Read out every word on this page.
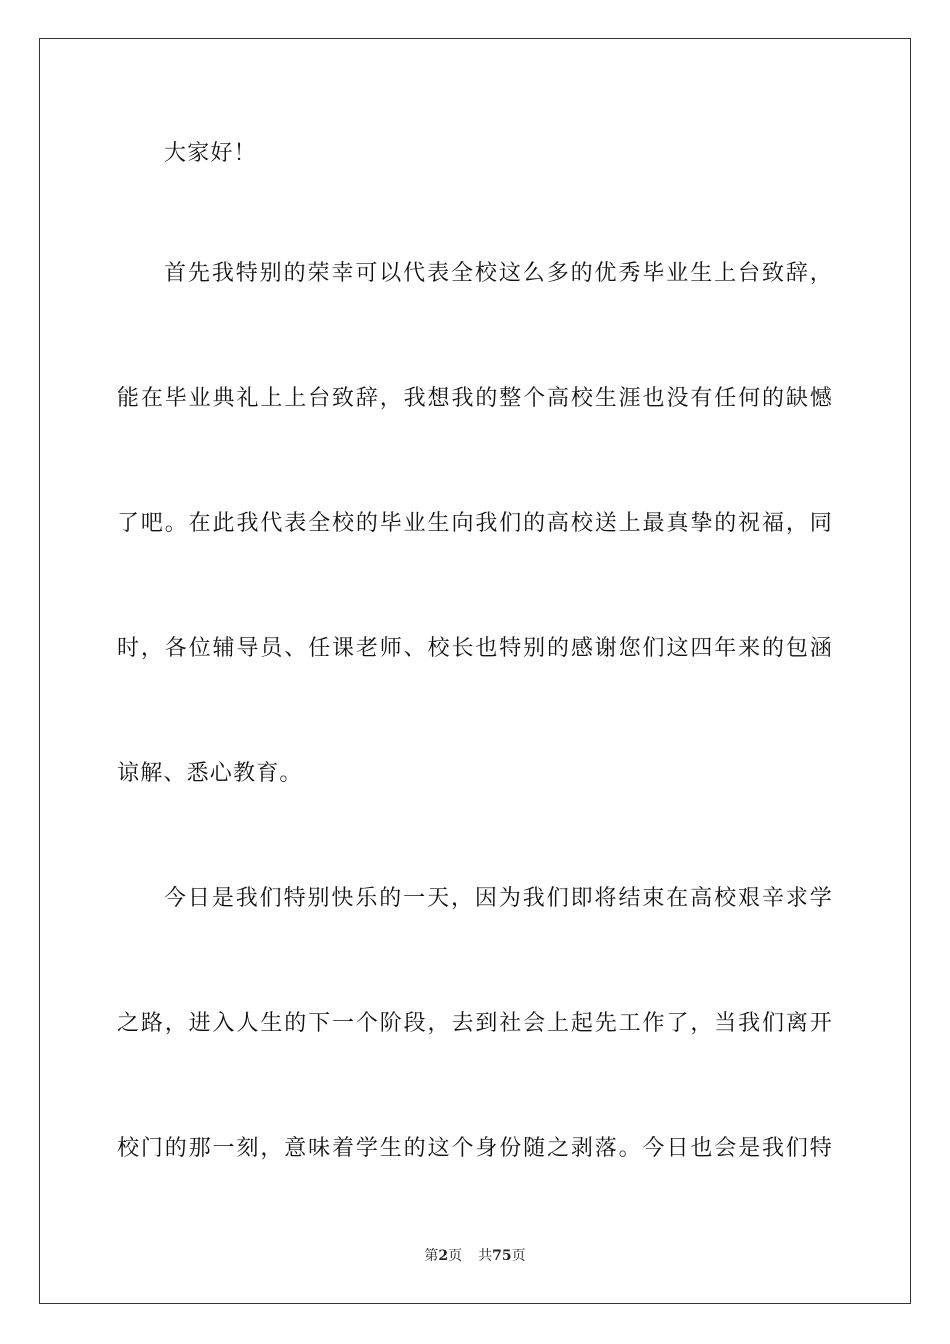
大家好！
首先我特别的荣幸可以代表全校这么多的优秀毕业生上台致辞，
能在毕业典礼上上台致辞，我想我的整个高校生涯也没有任何的缺憾
了吧。在此我代表全校的毕业生向我们的高校送上最真挚的祝福，同
时，各位辅导员、任课老师、校长也特别的感谢您们这四年来的包涵
谅解、悉心教育。
今日是我们特别快乐的一天，因为我们即将结束在高校艰辛求学
之路，进入人生的下一个阶段，去到社会上起先工作了，当我们离开
校门的那一刻，意味着学生的这个身份随之剥落。今日也会是我们特
第2页 共75页
